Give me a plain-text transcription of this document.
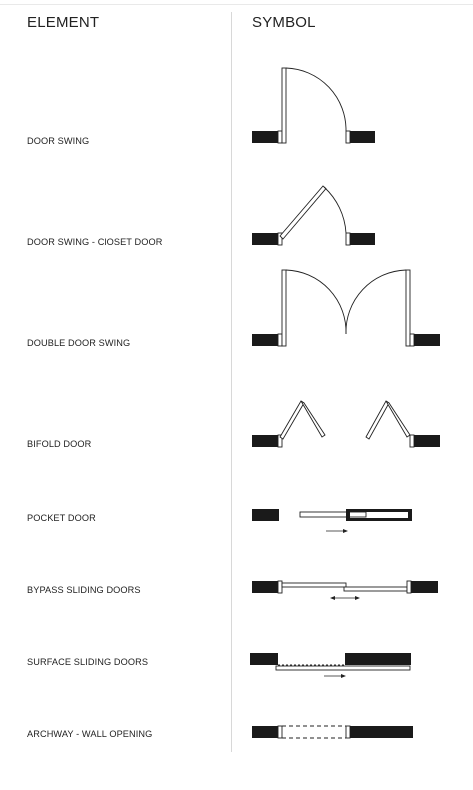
ELEMENT	SYMBOL
DOOR SWING
DOOR SWING - ClOSET DOOR
DOUBLE DOOR SWING
BIFOLD DOOR
POCKET DOOR
BYPASS SLIDING DOORS
SURFACE SLIDING DOORS
ARCHWAY - WALL OPENING
